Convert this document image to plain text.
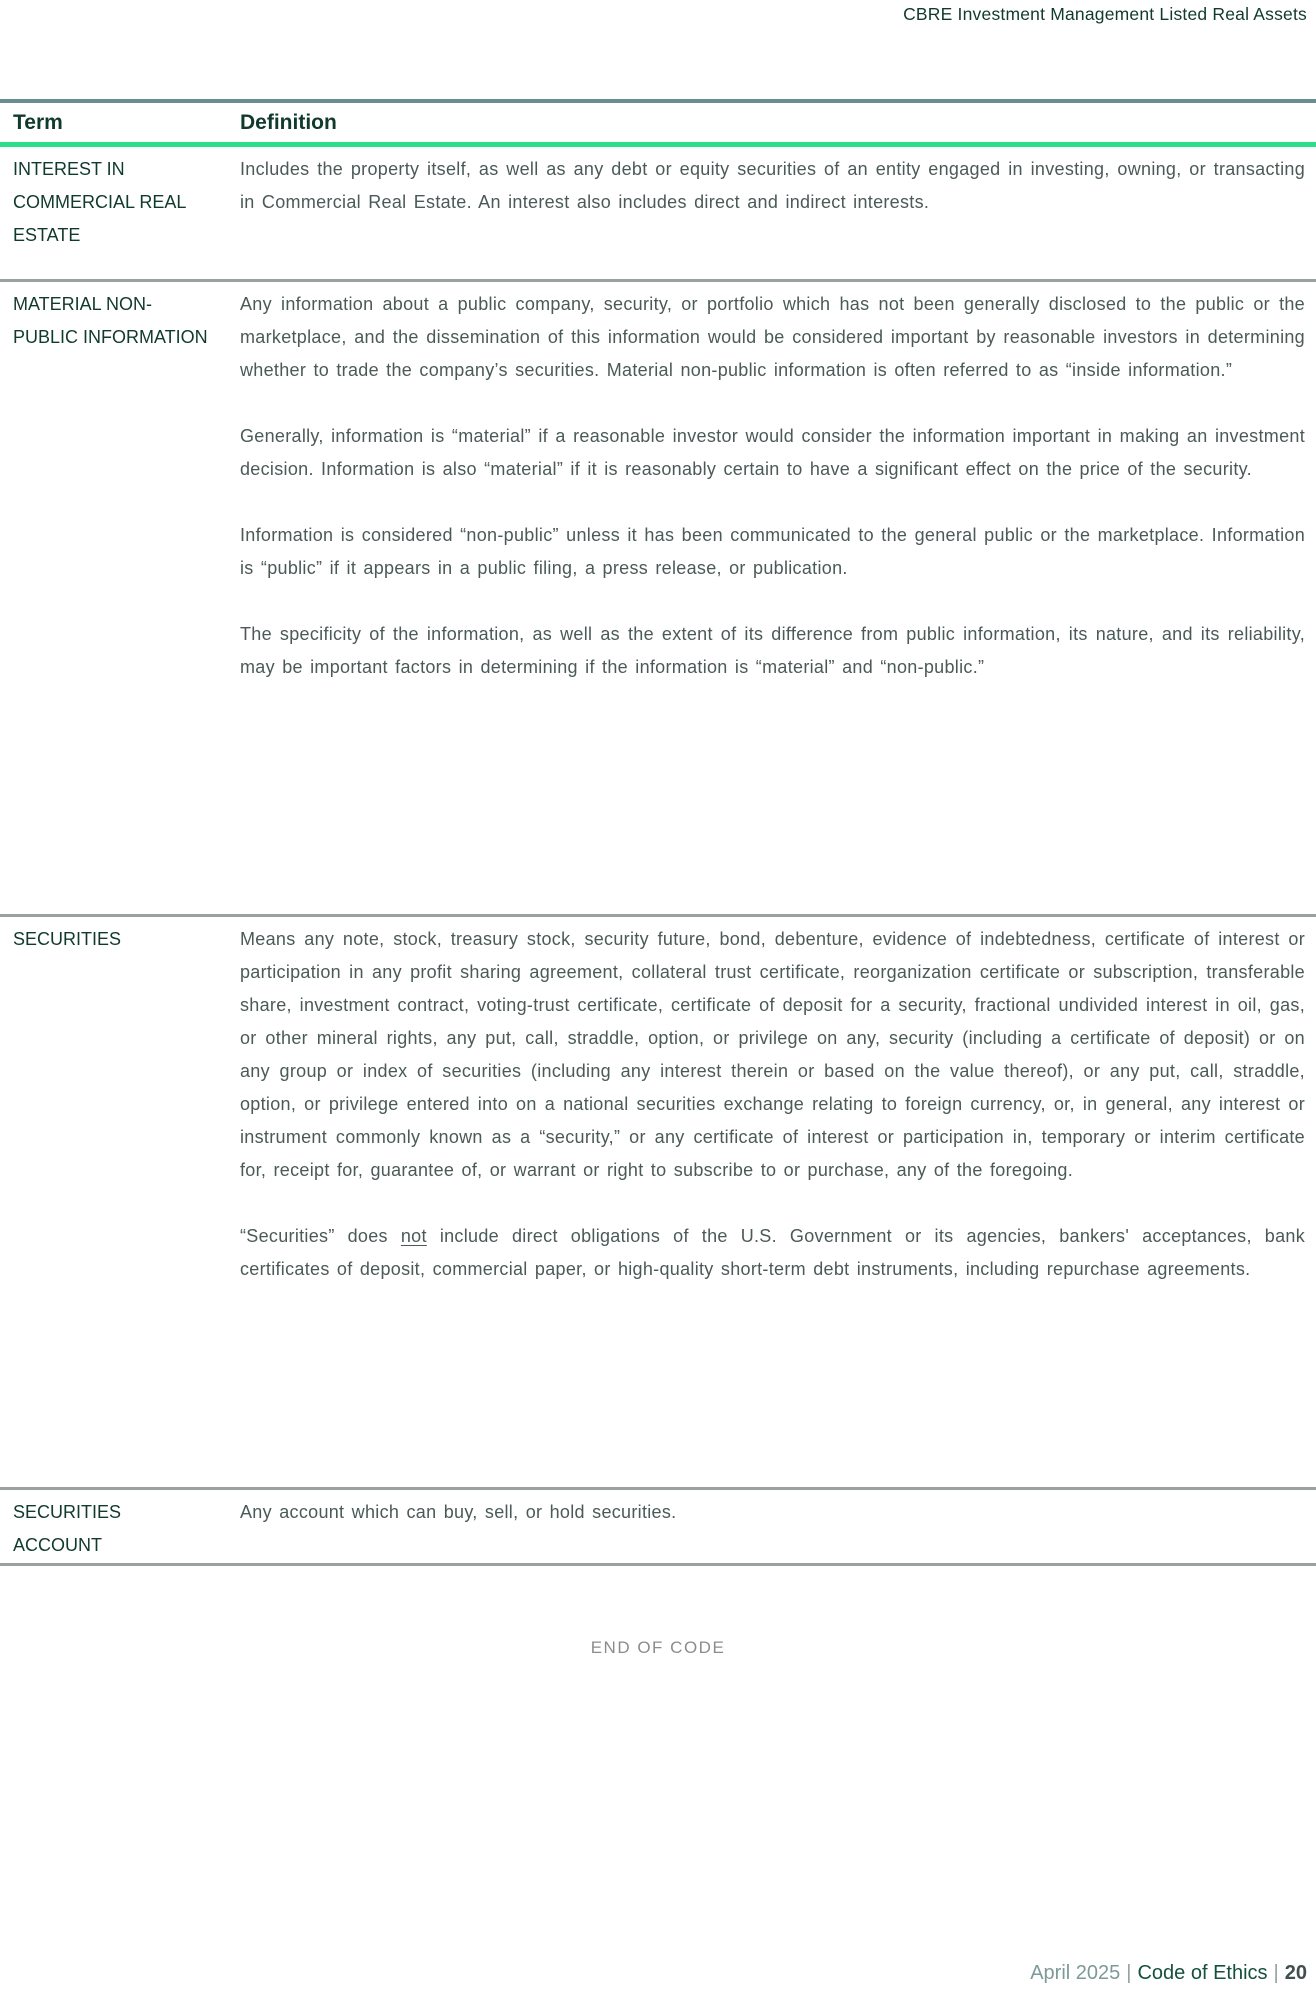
CBRE Investment Management Listed Real Assets
Term	Definition
INTEREST IN COMMERCIAL REAL ESTATE

Includes the property itself, as well as any debt or equity securities of an entity engaged in investing, owning, or transacting in Commercial Real Estate. An interest also includes direct and indirect interests.

MATERIAL NON-PUBLIC INFORMATION

Any information about a public company, security, or portfolio which has not been generally disclosed to the public or the marketplace, and the dissemination of this information would be considered important by reasonable investors in determining whether to trade the company’s securities. Material non-public information is often referred to as “inside information.”

Generally, information is “material” if a reasonable investor would consider the information important in making an investment decision. Information is also “material” if it is reasonably certain to have a significant effect on the price of the security.

Information is considered “non-public” unless it has been communicated to the general public or the marketplace. Information is “public” if it appears in a public filing, a press release, or publication.

The specificity of the information, as well as the extent of its difference from public information, its nature, and its reliability, may be important factors in determining if the information is “material” and “non-public.”

SECURITIES	Means any note, stock, treasury stock, security future, bond, debenture, evidence of indebtedness, certificate of interest or participation in any profit sharing agreement, collateral trust certificate, reorganization certificate or subscription, transferable share, investment contract, voting-trust certificate, certificate of deposit for a security, fractional undivided interest in oil, gas, or other mineral rights, any put, call, straddle, option, or privilege on any, security (including a certificate of deposit) or on any group or index of securities (including any interest therein or based on the value thereof), or any put, call, straddle, option, or privilege entered into on a national securities exchange relating to foreign currency, or, in general, any interest or instrument commonly known as a “security,” or any certificate of interest or participation in, temporary or interim certificate for, receipt for, guarantee of, or warrant or right to subscribe to or purchase, any of the foregoing.

“Securities” does not include direct obligations of the U.S. Government or its agencies, bankers' acceptances, bank certificates of deposit, commercial paper, or high-quality short-term debt instruments, including repurchase agreements.

SECURITIES ACCOUNT

Any account which can buy, sell, or hold securities.

END OF CODE
April 2025 | Code of Ethics | 20
